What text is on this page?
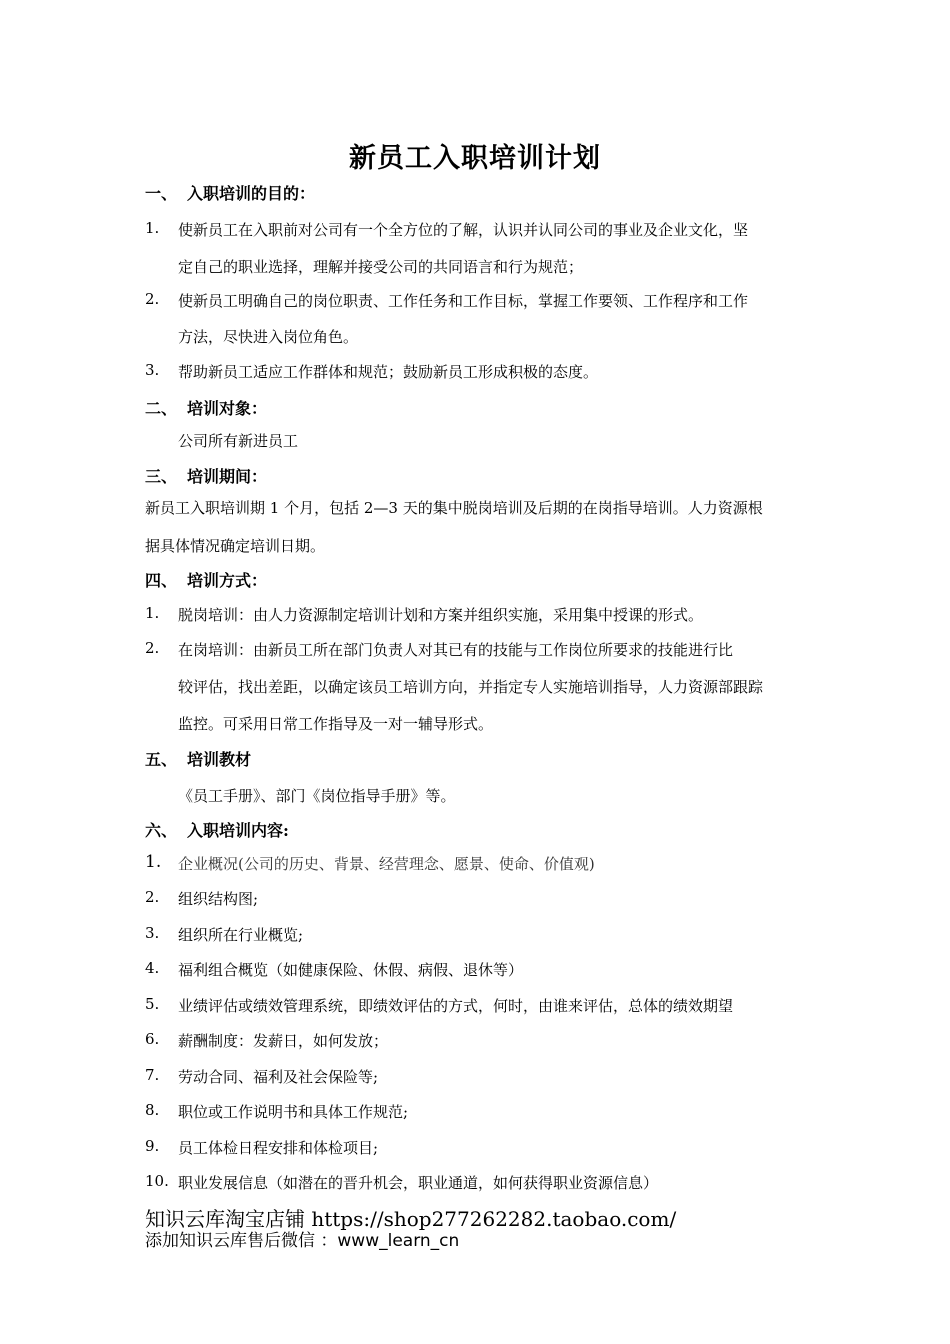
新员工入职培训计划
一、 入职培训的目的：
1. 使新员工在入职前对公司有一个全方位的了解，认识并认同公司的事业及企业文化，坚
定自己的职业选择，理解并接受公司的共同语言和行为规范；
2. 使新员工明确自己的岗位职责、工作任务和工作目标，掌握工作要领、工作程序和工作
方法，尽快进入岗位角色。
3. 帮助新员工适应工作群体和规范；鼓励新员工形成积极的态度。
二、 培训对象：
公司所有新进员工
三、 培训期间：
新员工入职培训期 1 个月，包括 2—3 天的集中脱岗培训及后期的在岗指导培训。人力资源根
据具体情况确定培训日期。
四、 培训方式：
1. 脱岗培训：由人力资源制定培训计划和方案并组织实施，采用集中授课的形式。
2. 在岗培训：由新员工所在部门负责人对其已有的技能与工作岗位所要求的技能进行比
较评估，找出差距，以确定该员工培训方向，并指定专人实施培训指导，人力资源部跟踪
监控。可采用日常工作指导及一对一辅导形式。
五、 培训教材
《员工手册》、部门《岗位指导手册》等。
六、 入职培训内容:
1. 企业概况(公司的历史、背景、经营理念、愿景、使命、价值观)
2. 组织结构图;
3. 组织所在行业概览;
4. 福利组合概览（如健康保险、休假、病假、退休等）
5. 业绩评估或绩效管理系统，即绩效评估的方式，何时，由谁来评估，总体的绩效期望
6. 薪酬制度：发薪日，如何发放；
7. 劳动合同、福利及社会保险等;
8. 职位或工作说明书和具体工作规范;
9. 员工体检日程安排和体检项目;
10. 职业发展信息（如潜在的晋升机会，职业通道，如何获得职业资源信息）
知识云库淘宝店铺 https://shop277262282.taobao.com/
添加知识云库售后微信 ：www_learn_cn
